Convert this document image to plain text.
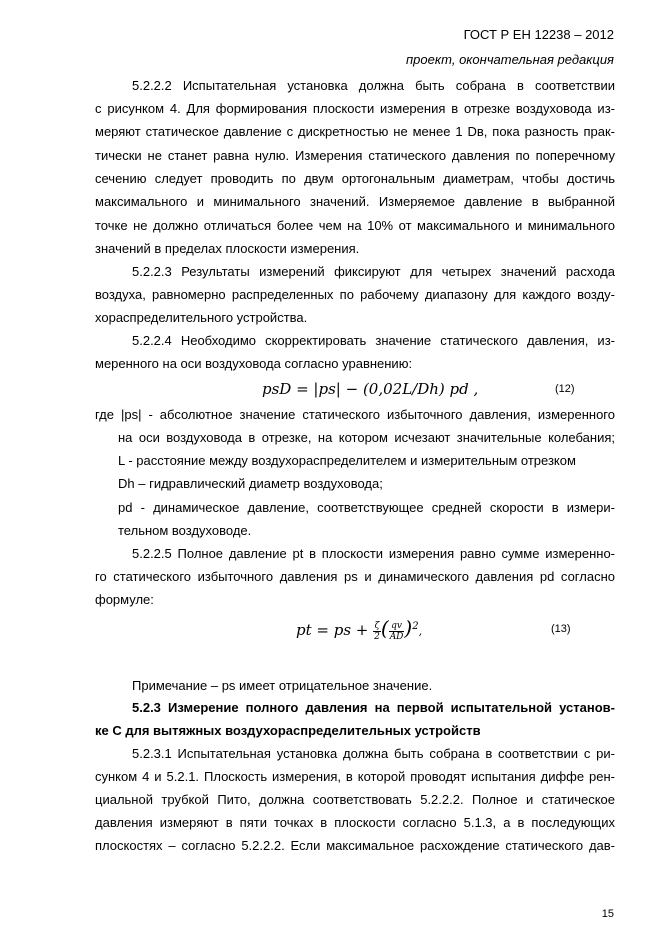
ГОСТ Р ЕН 12238 – 2012
проект, окончательная редакция
5.2.2.2 Испытательная установка должна быть собрана в соответствии
с рисунком 4. Для формирования плоскости измерения в отрезке воздуховода из-
меряют статическое давление с дискретностью не менее 1 Dв, пока разность прак-
тически не станет равна нулю. Измерения статического давления по поперечному
сечению следует проводить по двум ортогональным диаметрам, чтобы достичь
максимального и минимального значений. Измеряемое давление в выбранной
точке не должно отличаться более чем на 10% от максимального и минимального
значений в пределах плоскости измерения.
5.2.2.3 Результаты измерений фиксируют для четырех значений расхода
воздуха, равномерно распределенных по рабочему диапазону для каждого возду-
хораспределительного устройства.
5.2.2.4 Необходимо скорректировать значение статического давления, из-
меренного на оси воздуховода согласно уравнению:
psD = |ps| − (0,02L/Dh) pd ,	(12)
где |ps| - абсолютное значение статического избыточного давления, измеренного
на оси воздуховода в отрезке, на котором исчезают значительные колебания;
L - расстояние между воздухораспределителем и измерительным отрезком
Dh – гидравлический диаметр воздуховода;
pd - динамическое давление, соответствующее средней скорости в измери-
тельном воздуховоде.
5.2.2.5 Полное давление pt в плоскости измерения равно сумме измеренно-
го статического избыточного давления ps и динамического давления pd согласно
формуле:
pt = ps + $\frac{\zeta}{2}$ ( $\frac{qv}{AD} )^2$,	(13)
Примечание – ps имеет отрицательное значение.
5.2.3 Измерение полного давления на первой испытательной установ-
ке С для вытяжных воздухораспределительных устройств
5.2.3.1 Испытательная установка должна быть собрана в соответствии с ри-
сунком 4 и 5.2.1. Плоскость измерения, в которой проводят испытания диффе рен-
циальной трубкой Пито, должна соответствовать 5.2.2.2. Полное и статическое
давления измеряют в пяти точках в плоскости согласно 5.1.3, а в последующих
плоскостях – согласно 5.2.2.2. Если максимальное расхождение статического дав-
15
